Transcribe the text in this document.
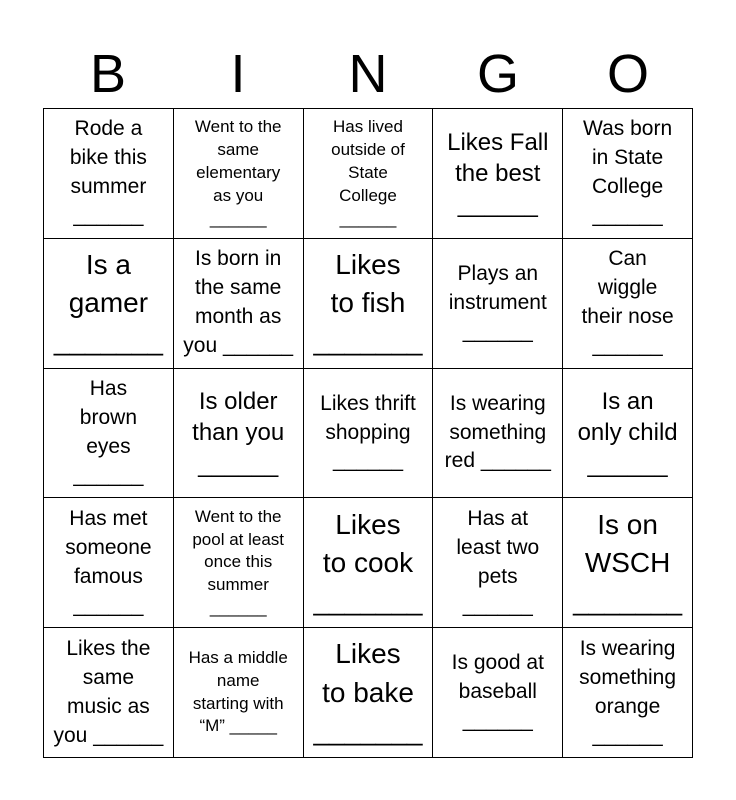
B	I	N	G	O
Rode a
bike this
summer
______
Went to the
same
elementary
as you
______
Has lived
outside of
State
College
______
Likes Fall
the best
______
Was born
in State
College
______
Is a
gamer
_______
Is born in
the same
month as
you ______
Likes
to fish
_______
Plays an
instrument
______
Can
wiggle
their nose
______
Has
brown
eyes
______
Is older
than you
______
Likes thrift
shopping
______
Is wearing
something
red ______
Is an
only child
______
Has met
someone
famous
______
Went to the
pool at least
once this
summer
______
Likes
to cook
_______
Has at
least two
pets
______
Is on
WSCH
_______
Likes the
same
music as
you ______
Has a middle
name
starting with
“M” _____
Likes
to bake
_______
Is good at
baseball
______
Is wearing
something
orange
______
